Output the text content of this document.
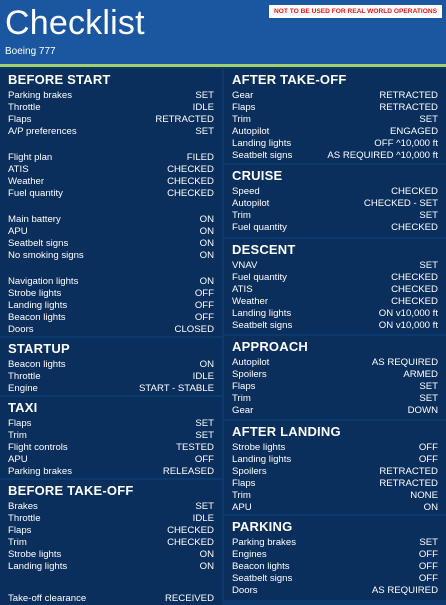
Checklist
Boeing 777
NOT TO BE USED FOR REAL WORLD OPERATIONS
BEFORE START
Parking brakes	SET
Throttle	IDLE
Flaps	RETRACTED
A/P preferences	SET
Flight plan	FILED
ATIS	CHECKED
Weather	CHECKED
Fuel quantity	CHECKED
Main battery	ON
APU	ON
Seatbelt signs	ON
No smoking signs	ON
Navigation lights	ON
Strobe lights	OFF
Landing lights	OFF
Beacon lights	OFF
Doors	CLOSED
STARTUP
Beacon lights	ON
Throttle	IDLE
Engine	START - STABLE
TAXI
Flaps	SET
Trim	SET
Flight controls	TESTED
APU	OFF
Parking brakes	RELEASED
BEFORE TAKE-OFF
Brakes	SET
Throttle	IDLE
Flaps	CHECKED
Trim	CHECKED
Strobe lights	ON
Landing lights	ON
Take-off clearance	RECEIVED
AFTER TAKE-OFF
Gear	RETRACTED
Flaps	RETRACTED
Trim	SET
Autopilot	ENGAGED
Landing lights	OFF ^10,000 ft
Seatbelt signs	AS REQUIRED ^10,000 ft
CRUISE
Speed	CHECKED
Autopilot	CHECKED - SET
Trim	SET
Fuel quantity	CHECKED
DESCENT
VNAV	SET
Fuel quantity	CHECKED
ATIS	CHECKED
Weather	CHECKED
Landing lights	ON v10,000 ft
Seatbelt signs	ON v10,000 ft
APPROACH
Autopilot	AS REQUIRED
Spoilers	ARMED
Flaps	SET
Trim	SET
Gear	DOWN
AFTER LANDING
Strobe lights	OFF
Landing lights	OFF
Spoilers	RETRACTED
Flaps	RETRACTED
Trim	NONE
APU	ON
PARKING
Parking brakes	SET
Engines	OFF
Beacon lights	OFF
Seatbelt signs	OFF
Doors	AS REQUIRED
